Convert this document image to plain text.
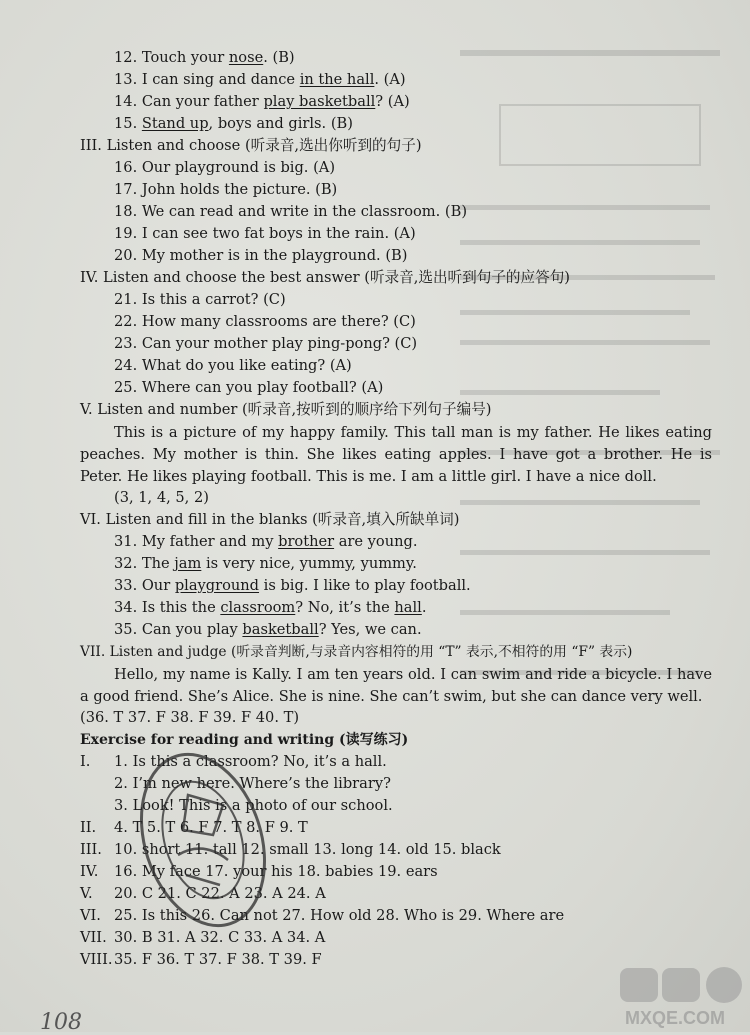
12. Touch your nose. (B)
13. I can sing and dance in the hall. (A)
14. Can your father play basketball? (A)
15. Stand up, boys and girls. (B)
III. Listen and choose (听录音,选出你听到的句子)
16. Our playground is big. (A)
17. John holds the picture. (B)
18. We can read and write in the classroom. (B)
19. I can see two fat boys in the rain. (A)
20. My mother is in the playground. (B)
IV. Listen and choose the best answer (听录音,选出听到句子的应答句)
21. Is this a carrot? (C)
22. How many classrooms are there? (C)
23. Can your mother play ping-pong? (C)
24. What do you like eating? (A)
25. Where can you play football? (A)
V. Listen and number (听录音,按听到的顺序给下列句子编号)
This is a picture of my happy family. This tall man is my father. He likes eating peaches. My mother is thin. She likes eating apples. I have got a brother. He is Peter. He likes playing football. This is me. I am a little girl. I have a nice doll.
(3, 1, 4, 5, 2)
VI. Listen and fill in the blanks (听录音,填入所缺单词)
31. My father and my brother are young.
32. The jam is very nice, yummy, yummy.
33. Our playground is big. I like to play football.
34. Is this the classroom? No, it’s the hall.
35. Can you play basketball? Yes, we can.
VII. Listen and judge (听录音判断,与录音内容相符的用 “T” 表示,不相符的用 “F” 表示)
Hello, my name is Kally. I am ten years old. I can swim and ride a bicycle. I have a good friend. She’s Alice. She is nine. She can’t swim, but she can dance very well.
(36. T 37. F 38. F 39. F 40. T)
Exercise for reading and writing (读写练习)
I. 1. Is this a classroom? No, it’s a hall.
2. I’m new here. Where’s the library?
3. Look! This is a photo of our school.
II. 4. T 5. T 6. F 7. T 8. F 9. T
III. 10. short 11. tall 12. small 13. long 14. old 15. black
IV. 16. My face 17. your his 18. babies 19. ears
V. 20. C 21. C 22. A 23. A 24. A
VI. 25. Is this 26. Can not 27. How old 28. Who is 29. Where are
VII. 30. B 31. A 32. C 33. A 34. A
VIII. 35. F 36. T 37. F 38. T 39. F
108	MXQE.COM
